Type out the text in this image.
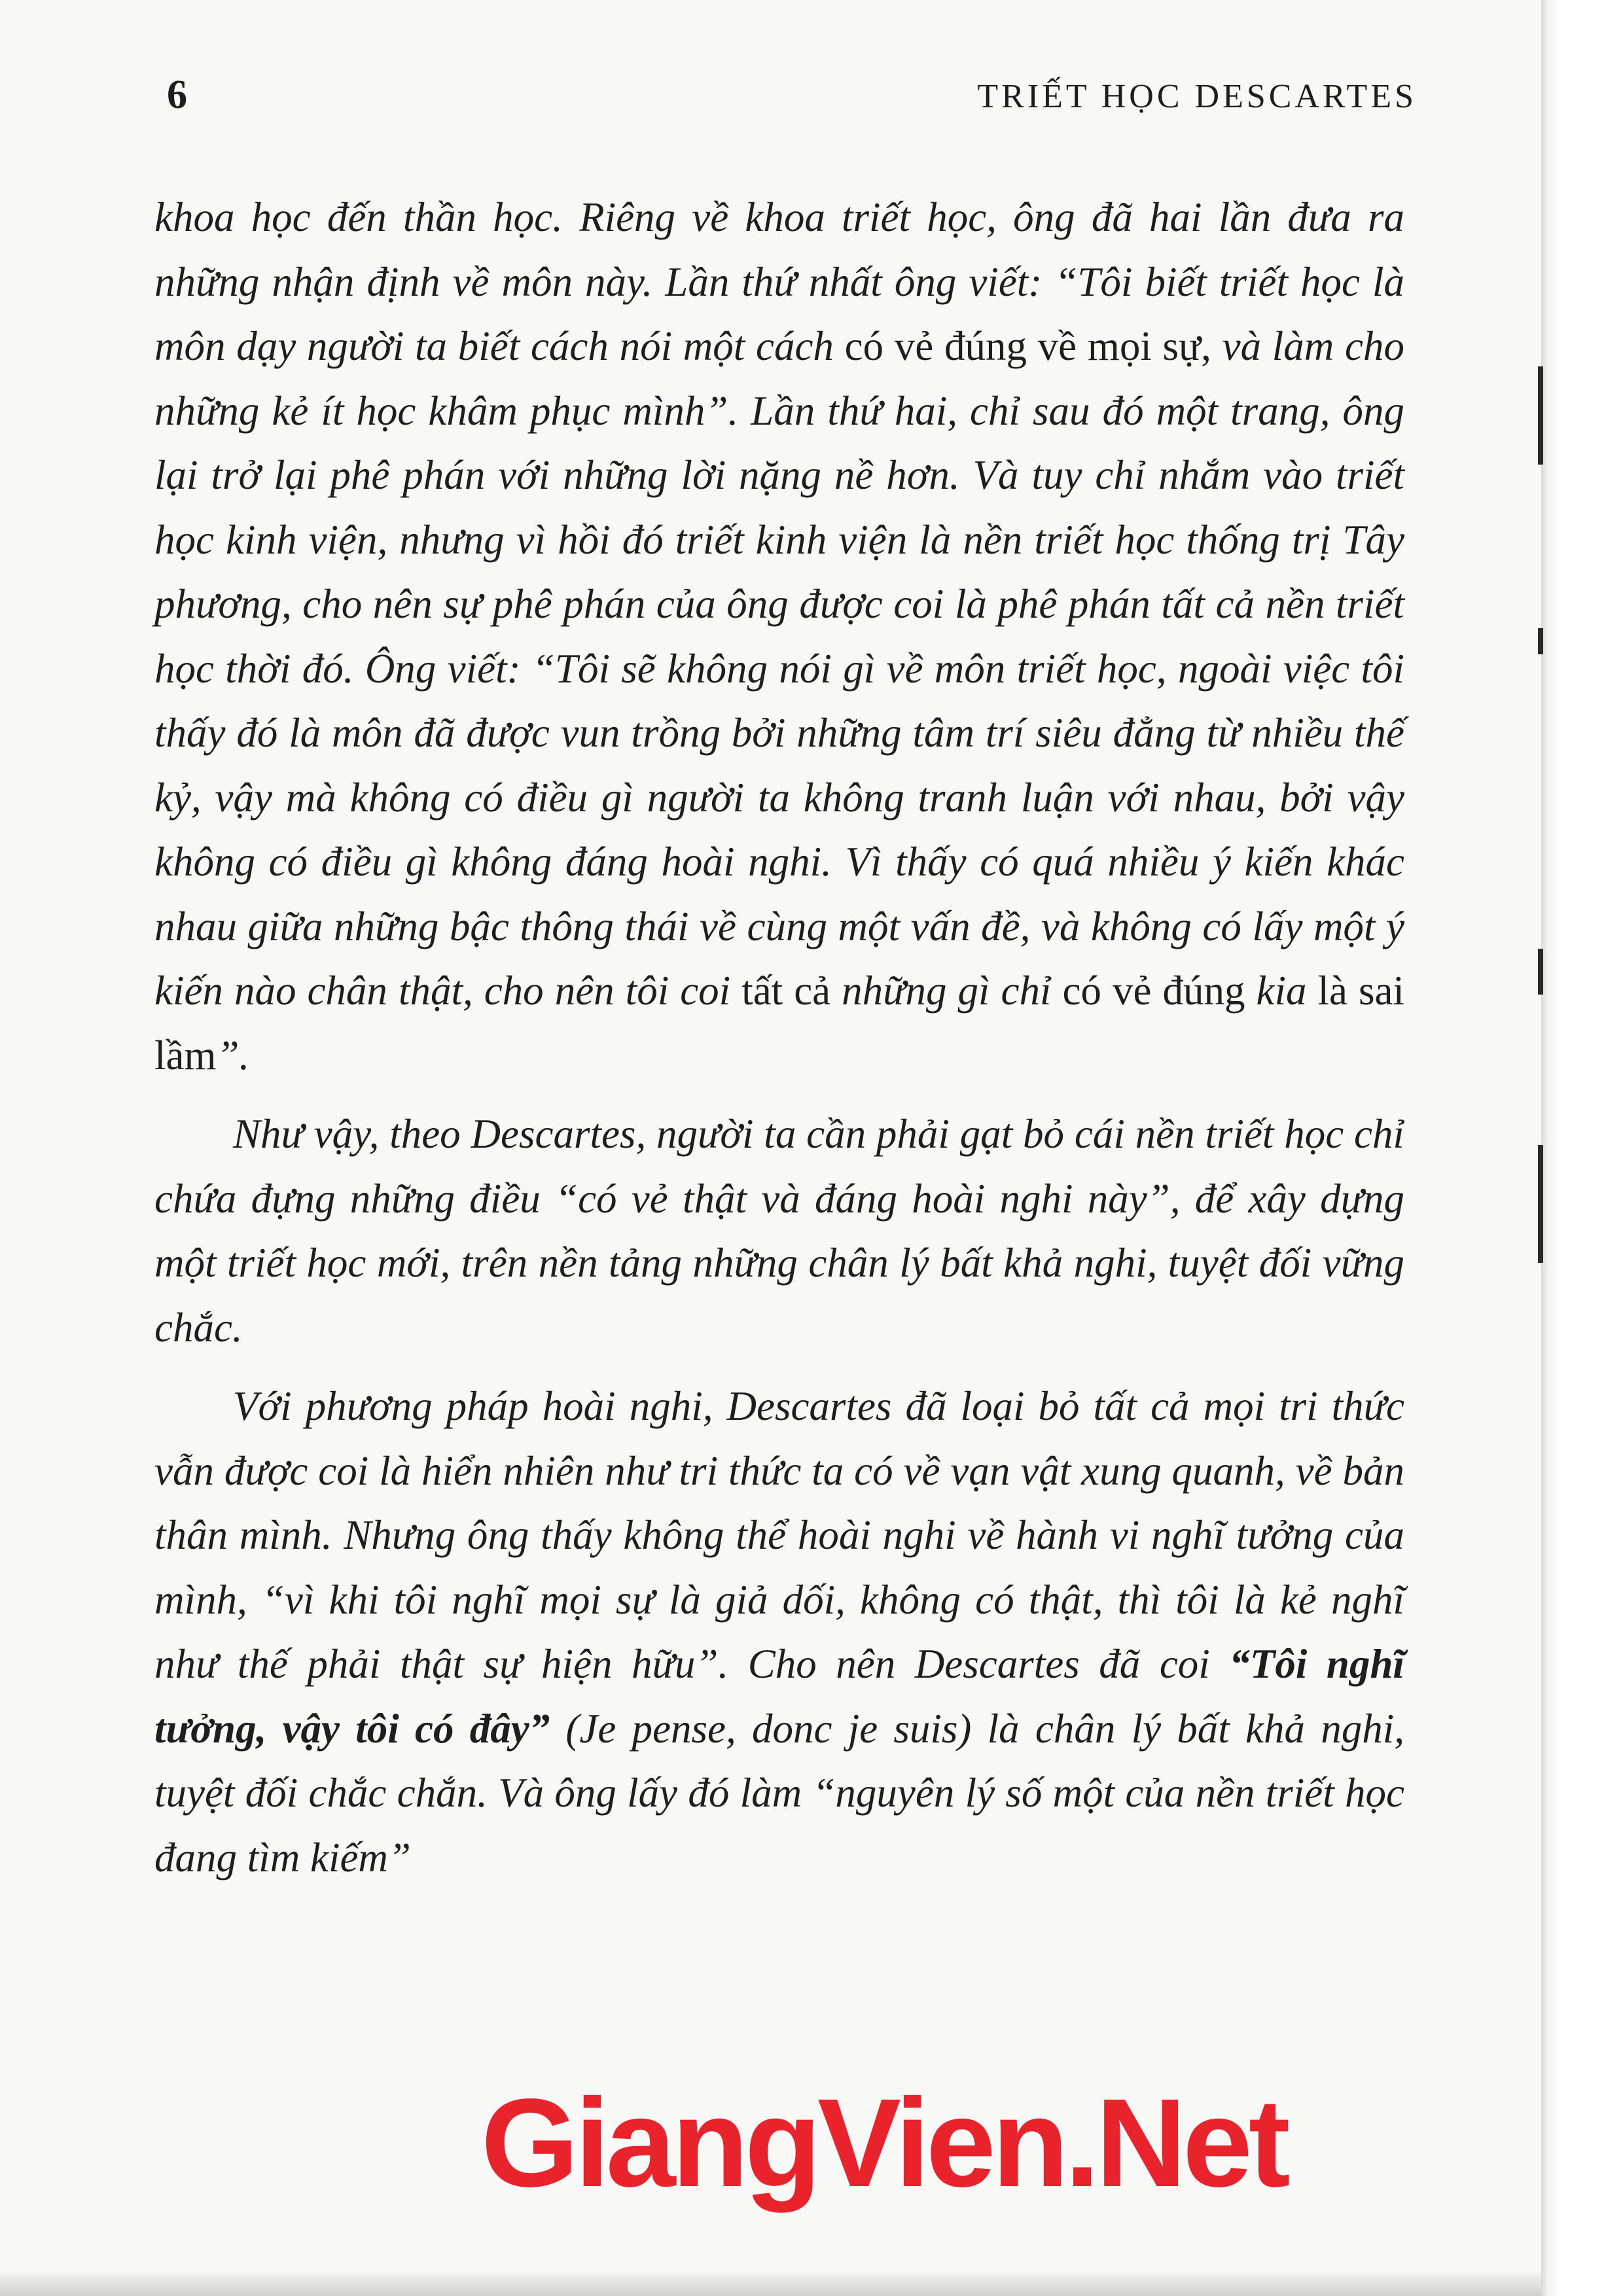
6	TRIẾT HỌC DESCARTES

khoa học đến thần học. Riêng về khoa triết học, ông đã hai lần đưa ra những nhận định về môn này. Lần thứ nhất ông viết: “Tôi biết triết học là môn dạy người ta biết cách nói một cách có vẻ đúng về mọi sự, và làm cho những kẻ ít học khâm phục mình”. Lần thứ hai, chỉ sau đó một trang, ông lại trở lại phê phán với những lời nặng nề hơn. Và tuy chỉ nhắm vào triết học kinh viện, nhưng vì hồi đó triết kinh viện là nền triết học thống trị Tây phương, cho nên sự phê phán của ông được coi là phê phán tất cả nền triết học thời đó. Ông viết: “Tôi sẽ không nói gì về môn triết học, ngoài việc tôi thấy đó là môn đã được vun trồng bởi những tâm trí siêu đẳng từ nhiều thế kỷ, vậy mà không có điều gì người ta không tranh luận với nhau, bởi vậy không có điều gì không đáng hoài nghi. Vì thấy có quá nhiều ý kiến khác nhau giữa những bậc thông thái về cùng một vấn đề, và không có lấy một ý kiến nào chân thật, cho nên tôi coi tất cả những gì chỉ có vẻ đúng kia là sai lầm”.

Như vậy, theo Descartes, người ta cần phải gạt bỏ cái nền triết học chỉ chứa đựng những điều “có vẻ thật và đáng hoài nghi này”, để xây dựng một triết học mới, trên nền tảng những chân lý bất khả nghi, tuyệt đối vững chắc.

Với phương pháp hoài nghi, Descartes đã loại bỏ tất cả mọi tri thức vẫn được coi là hiển nhiên như tri thức ta có về vạn vật xung quanh, về bản thân mình. Nhưng ông thấy không thể hoài nghi về hành vi nghĩ tưởng của mình, “vì khi tôi nghĩ mọi sự là giả dối, không có thật, thì tôi là kẻ nghĩ như thế phải thật sự hiện hữu”. Cho nên Descartes đã coi “Tôi nghĩ tưởng, vậy tôi có đây” (Je pense, donc je suis) là chân lý bất khả nghi, tuyệt đối chắc chắn. Và ông lấy đó làm “nguyên lý số một của nền triết học đang tìm kiếm”

GiangVien.Net
